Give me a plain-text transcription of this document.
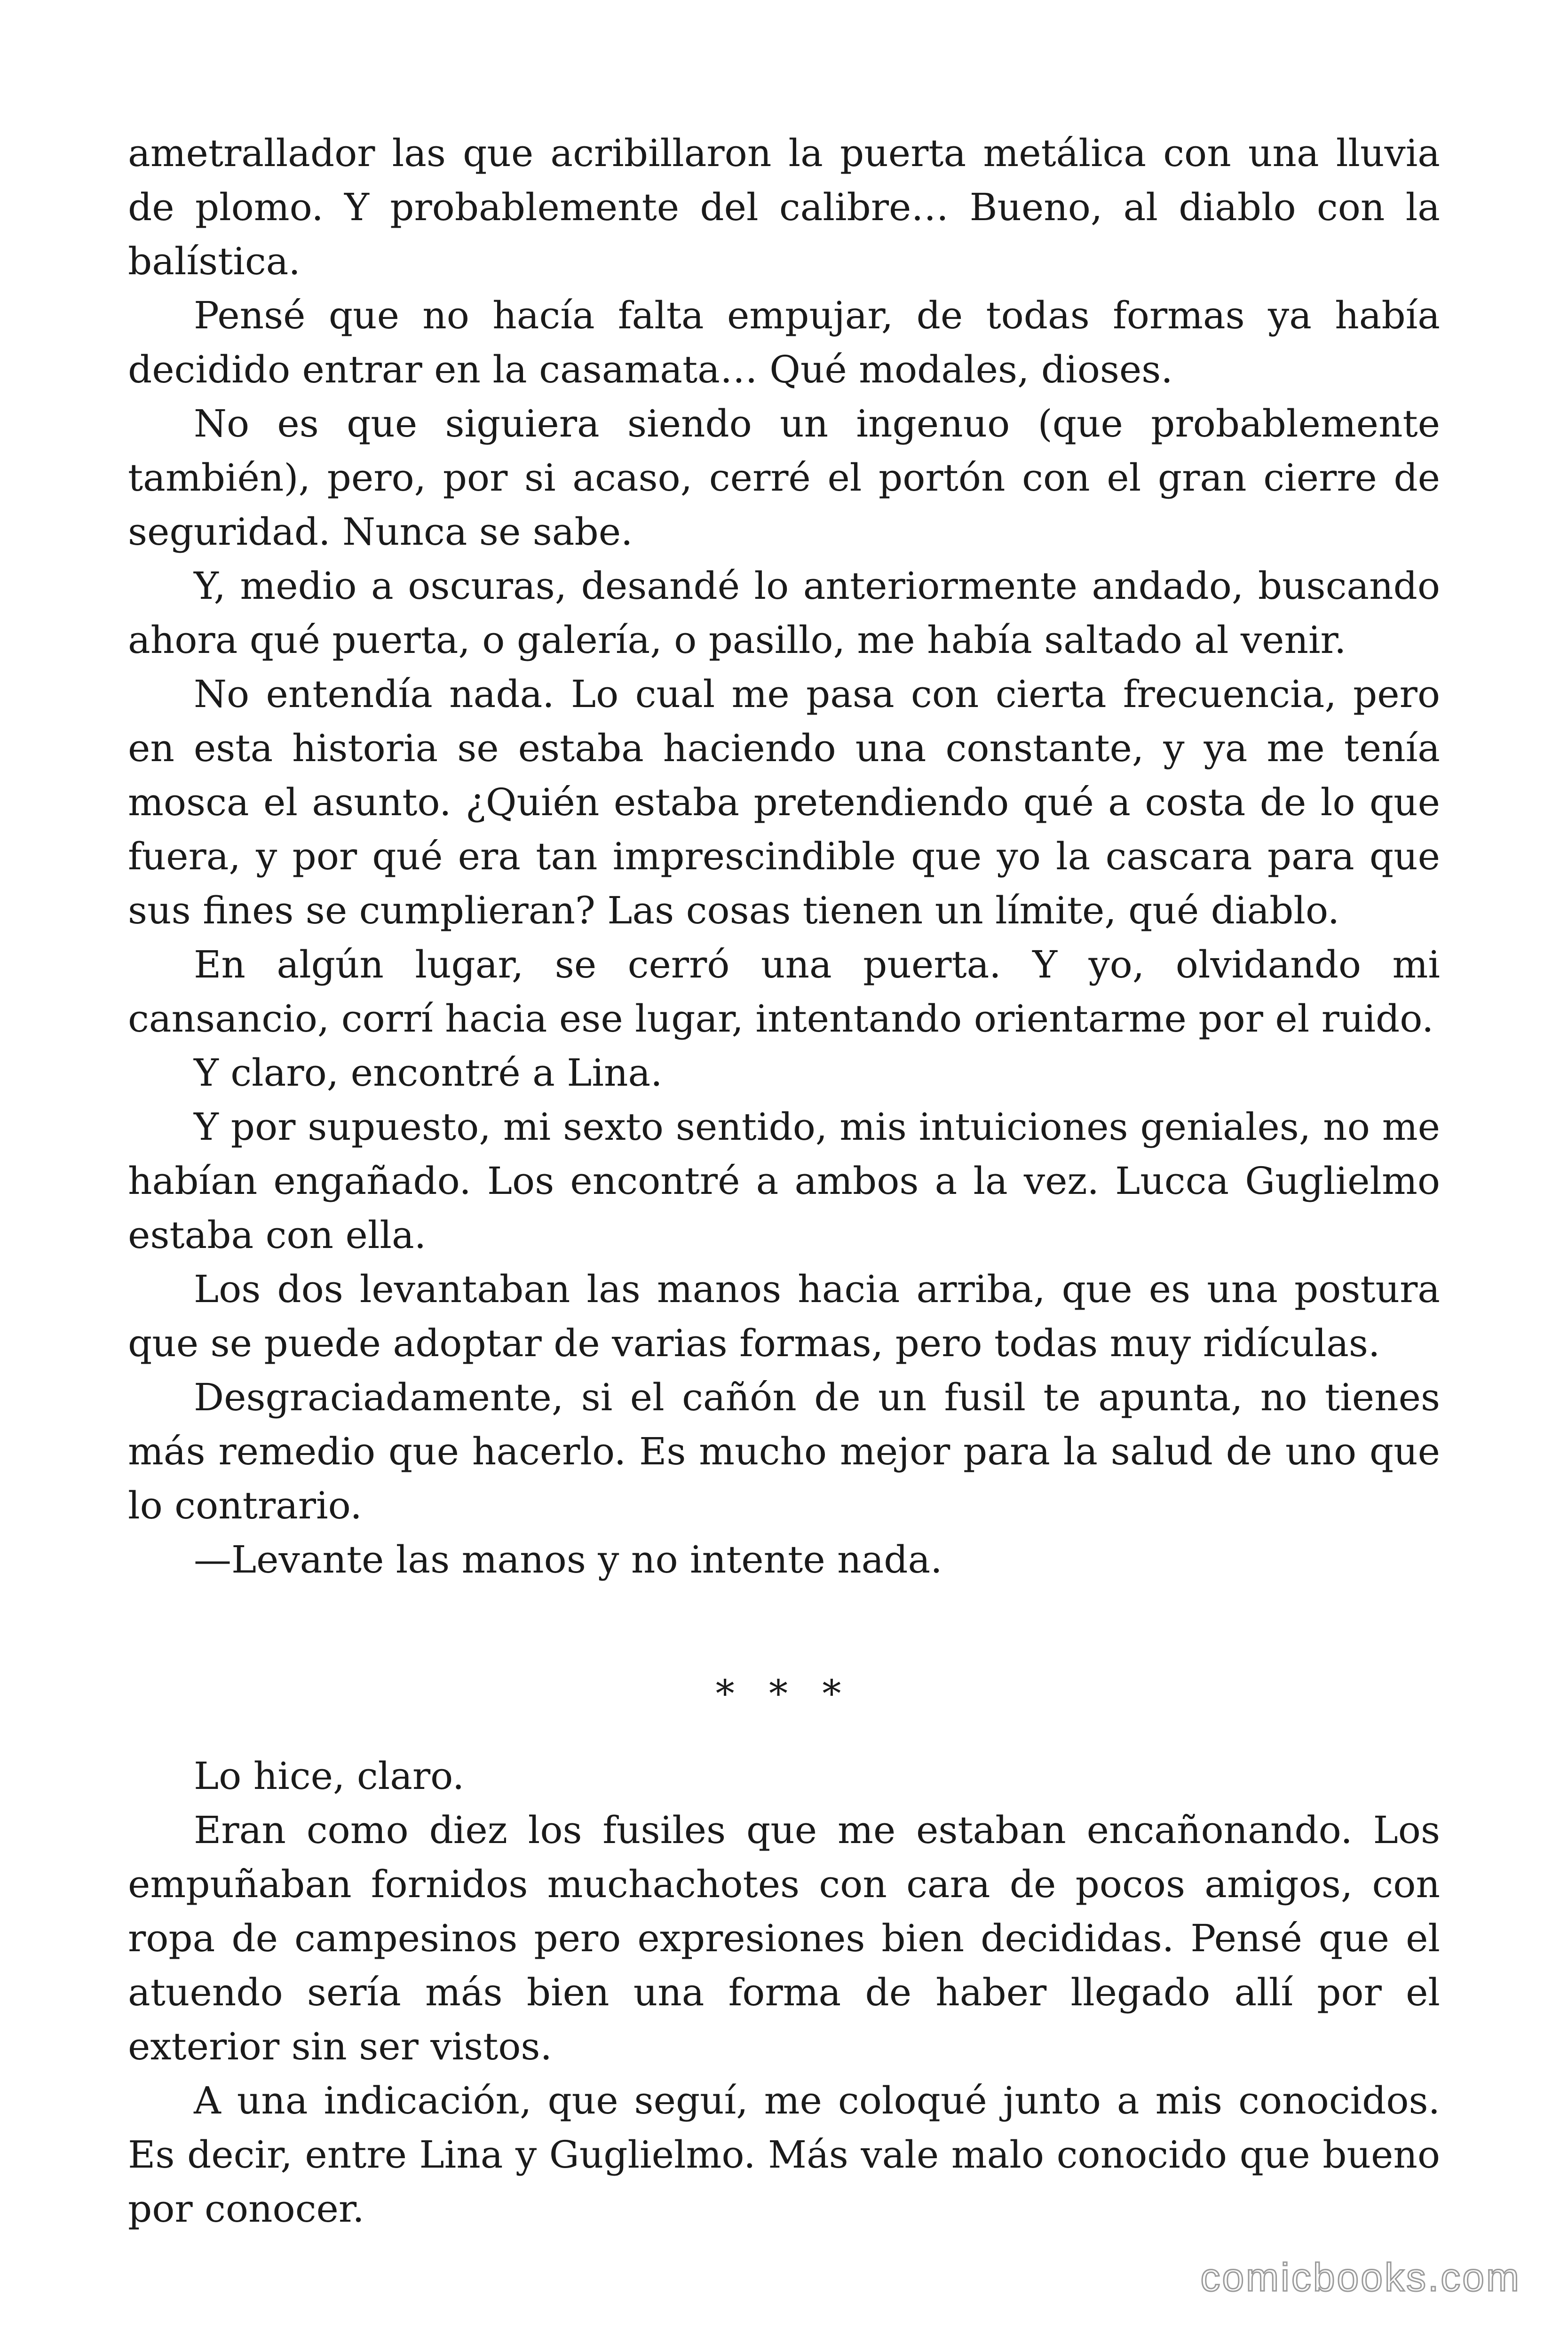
ametrallador las que acribillaron la puerta metálica con una lluvia de plomo. Y probablemente del calibre… Bueno, al diablo con la balística.

Pensé que no hacía falta empujar, de todas formas ya había decidido entrar en la casamata… Qué modales, dioses.

No es que siguiera siendo un ingenuo (que probablemente también), pero, por si acaso, cerré el portón con el gran cierre de seguridad. Nunca se sabe.

Y, medio a oscuras, desandé lo anteriormente andado, buscando ahora qué puerta, o galería, o pasillo, me había saltado al venir.

No entendía nada. Lo cual me pasa con cierta frecuencia, pero en esta historia se estaba haciendo una constante, y ya me tenía mosca el asunto. ¿Quién estaba pretendiendo qué a costa de lo que fuera, y por qué era tan imprescindible que yo la cascara para que sus fines se cumplieran? Las cosas tienen un límite, qué diablo.

En algún lugar, se cerró una puerta. Y yo, olvidando mi cansancio, corrí hacia ese lugar, intentando orientarme por el ruido.

Y claro, encontré a Lina.

Y por supuesto, mi sexto sentido, mis intuiciones geniales, no me habían engañado. Los encontré a ambos a la vez. Lucca Guglielmo estaba con ella.

Los dos levantaban las manos hacia arriba, que es una postura que se puede adoptar de varias formas, pero todas muy ridículas.

Desgraciadamente, si el cañón de un fusil te apunta, no tienes más remedio que hacerlo. Es mucho mejor para la salud de uno que lo contrario.

—Levante las manos y no intente nada.

* * *

Lo hice, claro.

Eran como diez los fusiles que me estaban encañonando. Los empuñaban fornidos muchachotes con cara de pocos amigos, con ropa de campesinos pero expresiones bien decididas. Pensé que el atuendo sería más bien una forma de haber llegado allí por el exterior sin ser vistos.

A una indicación, que seguí, me coloqué junto a mis conocidos. Es decir, entre Lina y Guglielmo. Más vale malo conocido que bueno por conocer.

comicbooks.com
